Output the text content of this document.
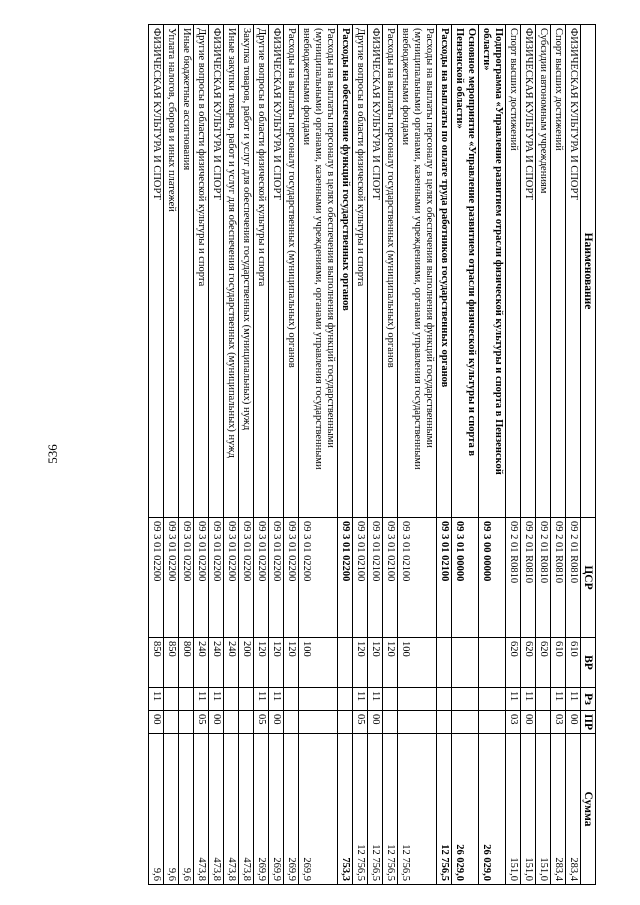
536
Наименование	ЦСР	ВР	Рз	ПР	Сумма
ФИЗИЧЕСКАЯ КУЛЬТУРА И СПОРТ	09 2 01 R0810	610	11	00	283,4
Спорт высших достижений	09 2 01 R0810	610	11	03	283,4
Субсидии автономным учреждениям	09 2 01 R0810	620			151,0
ФИЗИЧЕСКАЯ КУЛЬТУРА И СПОРТ	09 2 01 R0810	620	11	00	151,0
Спорт высших достижений	09 2 01 R0810	620	11	03	151,0
Подпрограмма «Управление развитием отрасли физической культуры и спорта в Пензенской области»	09 3 00 00000				26 029,0
Основное мероприятие «Управление развитием отрасли физической культуры и спорта в Пензенской области»	09 3 01 00000				26 029,0
Расходы на выплаты по оплате труда работников государственных органов	09 3 01 02100				12 756,5
Расходы на выплаты персоналу в целях обеспечения выполнения функций государственными (муниципальными) органами, казенными учреждениями, органами управления государственными внебюджетными фондами	09 3 01 02100	100			12 756,5
Расходы на выплаты персоналу государственных (муниципальных) органов	09 3 01 02100	120			12 756,5
ФИЗИЧЕСКАЯ КУЛЬТУРА И СПОРТ	09 3 01 02100	120	11	00	12 756,5
Другие вопросы в области физической культуры и спорта	09 3 01 02100	120	11	05	12 756,5
Расходы на обеспечение функций государственных органов	09 3 01 02200				753,3
Расходы на выплаты персоналу в целях обеспечения выполнения функций государственными (муниципальными) органами, казенными учреждениями, органами управления государственными внебюджетными фондами	09 3 01 02200	100			269,9
Расходы на выплаты персоналу государственных (муниципальных) органов	09 3 01 02200	120			269,9
ФИЗИЧЕСКАЯ КУЛЬТУРА И СПОРТ	09 3 01 02200	120	11	00	269,9
Другие вопросы в области физической культуры и спорта	09 3 01 02200	120	11	05	269,9
Закупка товаров, работ и услуг для обеспечения государственных (муниципальных) нужд	09 3 01 02200	200			473,8
Иные закупки товаров, работ и услуг для обеспечения государственных (муниципальных) нужд	09 3 01 02200	240			473,8
ФИЗИЧЕСКАЯ КУЛЬТУРА И СПОРТ	09 3 01 02200	240	11	00	473,8
Другие вопросы в области физической культуры и спорта	09 3 01 02200	240	11	05	473,8
Иные бюджетные ассигнования	09 3 01 02200	800			9,6
Уплата налогов, сборов и иных платежей	09 3 01 02200	850			9,6
ФИЗИЧЕСКАЯ КУЛЬТУРА И СПОРТ	09 3 01 02200	850	11	00	9,6
